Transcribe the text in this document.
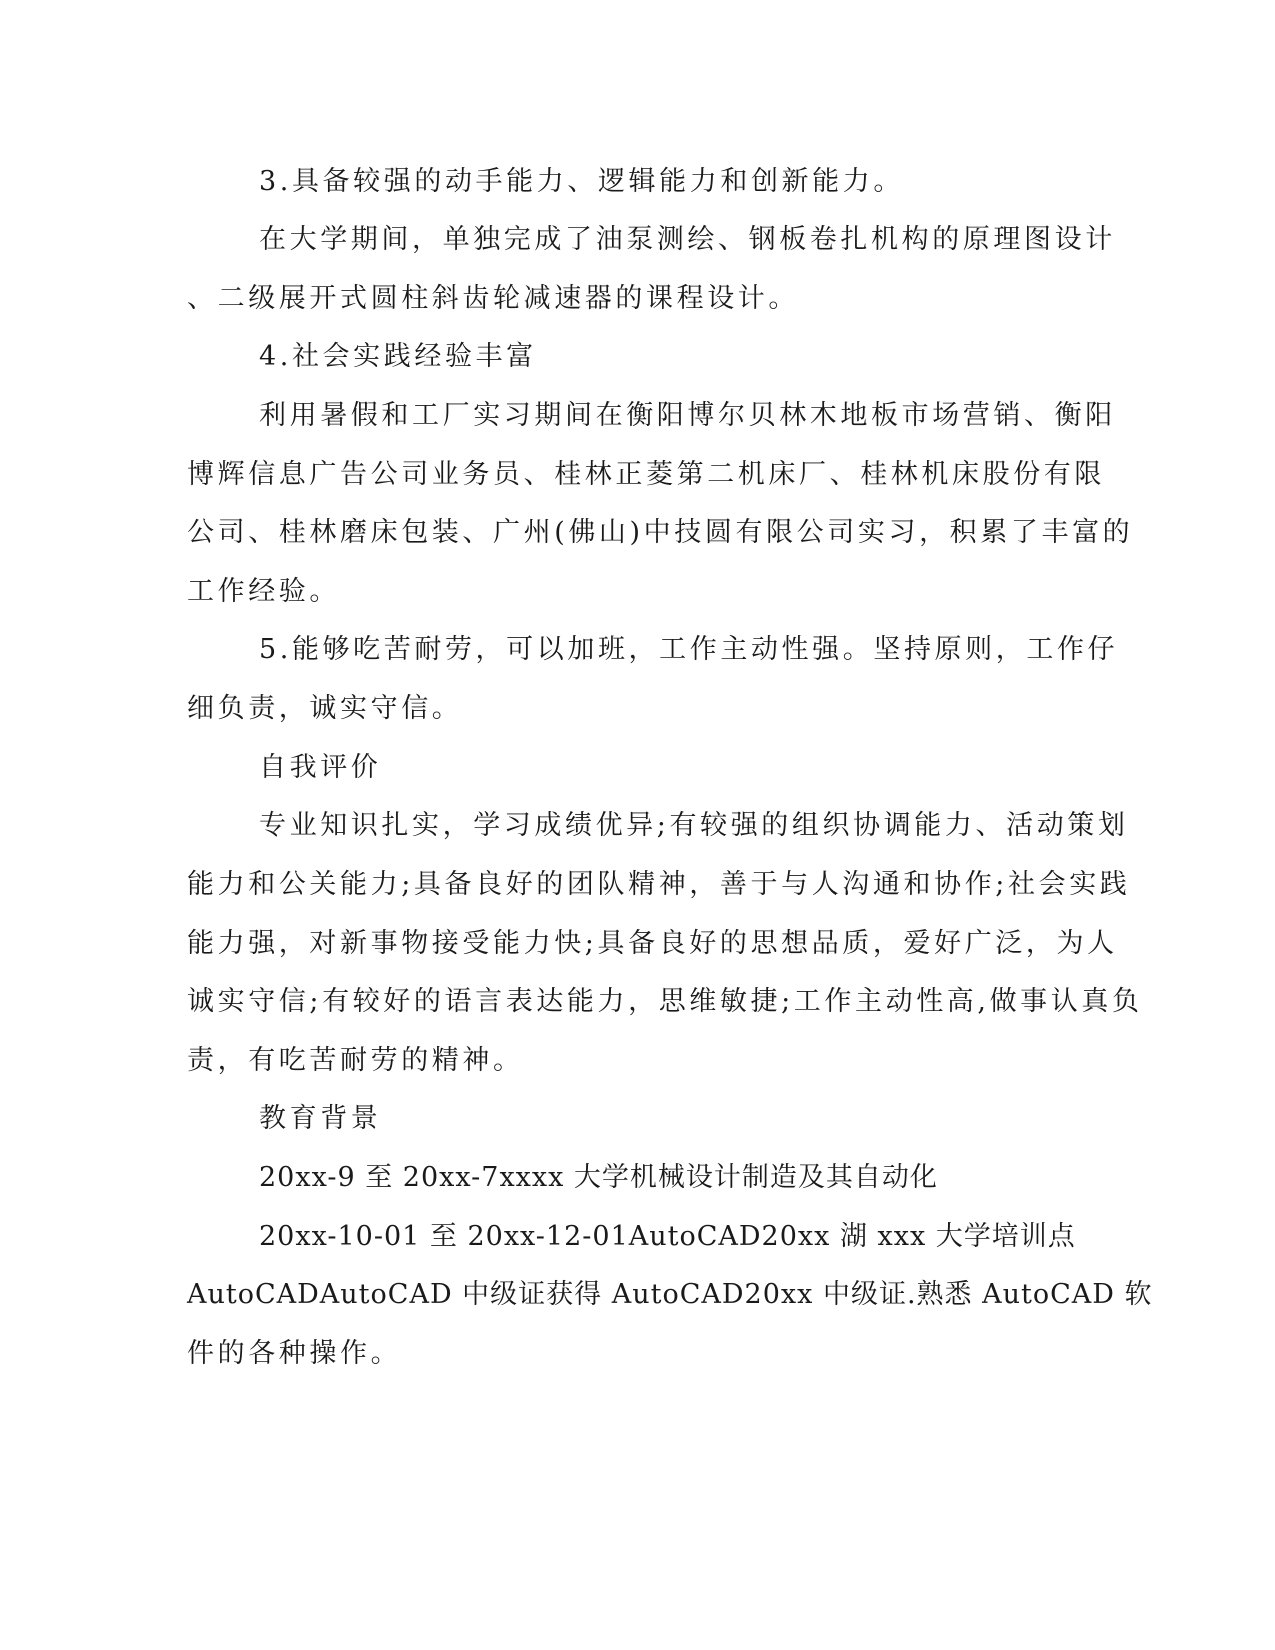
3.具备较强的动手能力、逻辑能力和创新能力。
在大学期间，单独完成了油泵测绘、钢板卷扎机构的原理图设计
、二级展开式圆柱斜齿轮减速器的课程设计。
4.社会实践经验丰富
利用暑假和工厂实习期间在衡阳博尔贝林木地板市场营销、衡阳
博辉信息广告公司业务员、桂林正菱第二机床厂、桂林机床股份有限
公司、桂林磨床包装、广州(佛山)中技圆有限公司实习，积累了丰富的
工作经验。
5.能够吃苦耐劳，可以加班，工作主动性强。坚持原则，工作仔
细负责，诚实守信。
自我评价
专业知识扎实，学习成绩优异;有较强的组织协调能力、活动策划
能力和公关能力;具备良好的团队精神，善于与人沟通和协作;社会实践
能力强，对新事物接受能力快;具备良好的思想品质，爱好广泛，为人
诚实守信;有较好的语言表达能力，思维敏捷;工作主动性高,做事认真负
责，有吃苦耐劳的精神。
教育背景
20xx-9 至 20xx-7xxxx 大学机械设计制造及其自动化
20xx-10-01 至 20xx-12-01AutoCAD20xx 湖 xxx 大学培训点
AutoCADAutoCAD 中级证获得 AutoCAD20xx 中级证.熟悉 AutoCAD 软
件的各种操作。
